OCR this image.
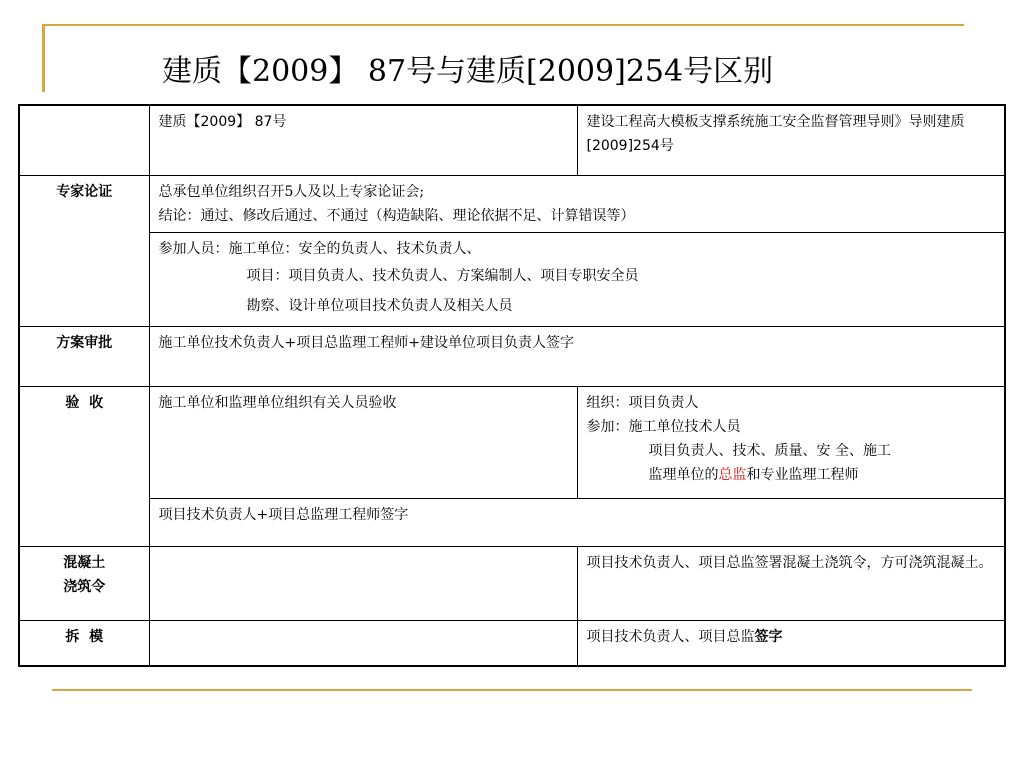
建质【2009】 87号与建质[2009]254号区别
	建质【2009】 87号	建设工程高大模板支撑系统施工安全监督管理导则》导则建质[2009]254号
专家论证	总承包单位组织召开5人及以上专家论证会;
结论：通过、修改后通过、不通过（构造缺陷、理论依据不足、计算错误等）	

	参加人员：施工单位：安全的负责人、技术负责人、
项目：项目负责人、技术负责人、方案编制人、项目专职安全员
勘察、设计单位项目技术负责人及相关人员	

方案审批	施工单位技术负责人+项目总监理工程师+建设单位项目负责人签字	
验  收	施工单位和监理单位组织有关人员验收	组织：项目负责人
参加：施工单位技术人员
项目负责人、技术、质量、安 全、施工
监理单位的总监和专业监理工程师

	项目技术负责人+项目总监理工程师签字	

混凝土
浇筑令		项目技术负责人、项目总监签署混凝土浇筑令，方可浇筑混凝土。
拆  模		项目技术负责人、项目总监签字
